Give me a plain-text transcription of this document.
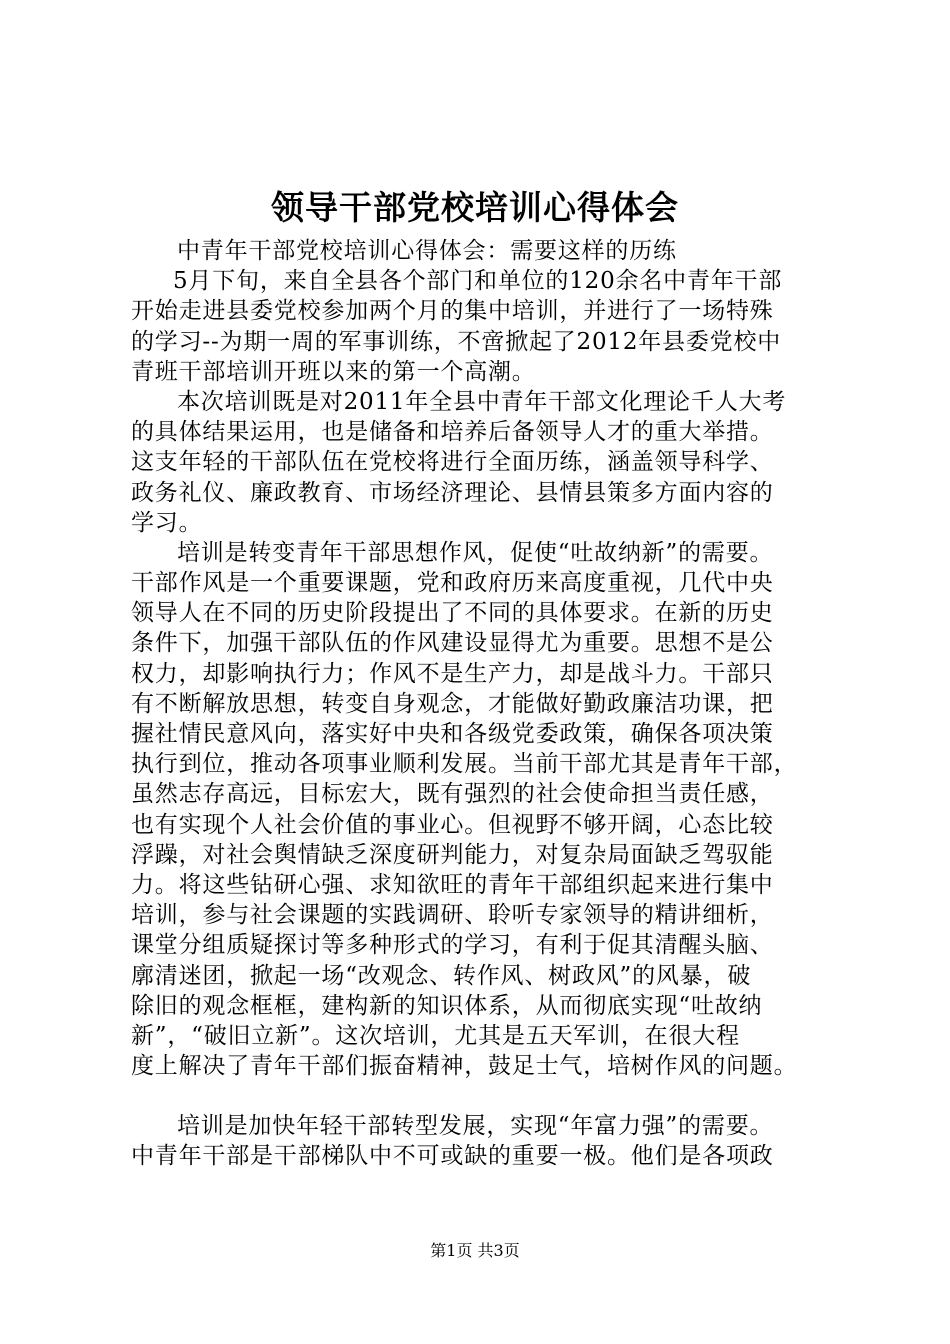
领导干部党校培训心得体会
中青年干部党校培训心得体会：需要这样的历练
5月下旬，来自全县各个部门和单位的120余名中青年干部
开始走进县委党校参加两个月的集中培训，并进行了一场特殊
的学习--为期一周的军事训练，不啻掀起了2012年县委党校中
青班干部培训开班以来的第一个高潮。
本次培训既是对2011年全县中青年干部文化理论千人大考
的具体结果运用，也是储备和培养后备领导人才的重大举措。
这支年轻的干部队伍在党校将进行全面历练，涵盖领导科学、
政务礼仪、廉政教育、市场经济理论、县情县策多方面内容的
学习。
培训是转变青年干部思想作风，促使“吐故纳新”的需要。
干部作风是一个重要课题，党和政府历来高度重视，几代中央
领导人在不同的历史阶段提出了不同的具体要求。在新的历史
条件下，加强干部队伍的作风建设显得尤为重要。思想不是公
权力，却影响执行力；作风不是生产力，却是战斗力。干部只
有不断解放思想，转变自身观念，才能做好勤政廉洁功课，把
握社情民意风向，落实好中央和各级党委政策，确保各项决策
执行到位，推动各项事业顺利发展。当前干部尤其是青年干部，
虽然志存高远，目标宏大，既有强烈的社会使命担当责任感，
也有实现个人社会价值的事业心。但视野不够开阔，心态比较
浮躁，对社会舆情缺乏深度研判能力，对复杂局面缺乏驾驭能
力。将这些钻研心强、求知欲旺的青年干部组织起来进行集中
培训，参与社会课题的实践调研、聆听专家领导的精讲细析，
课堂分组质疑探讨等多种形式的学习，有利于促其清醒头脑、
廓清迷团，掀起一场“改观念、转作风、树政风”的风暴，破
除旧的观念框框，建构新的知识体系，从而彻底实现“吐故纳
新”，“破旧立新”。这次培训，尤其是五天军训，在很大程
度上解决了青年干部们振奋精神，鼓足士气，培树作风的问题。
培训是加快年轻干部转型发展，实现“年富力强”的需要。
中青年干部是干部梯队中不可或缺的重要一极。他们是各项政
第1页 共3页
